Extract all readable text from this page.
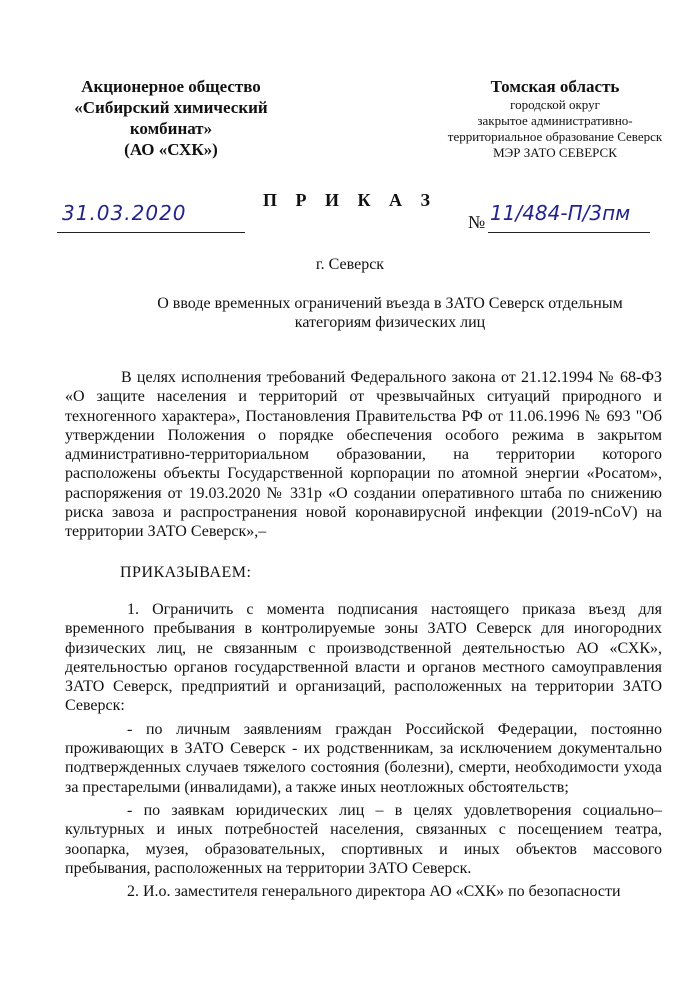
Акционерное общество
«Сибирский химический
комбинат»
(АО «СХК»)
Томская область
городской округ
закрытое административно-
территориальное образование Северск
МЭР ЗАТО СЕВЕРСК
П Р И К А З
31.03.2020	№ 11/484-П/3пм
г. Северск
О вводе временных ограничений въезда в ЗАТО Северск отдельным категориям физических лиц

В целях исполнения требований Федерального закона от 21.12.1994 № 68-ФЗ «О защите населения и территорий от чрезвычайных ситуаций природного и техногенного характера», Постановления Правительства РФ от 11.06.1996 № 693 "Об утверждении Положения о порядке обеспечения особого режима в закрытом административно-территориальном образовании, на территории которого расположены объекты Государственной корпорации по атомной энергии «Росатом», распоряжения от 19.03.2020 № 331р «О создании оперативного штаба по снижению риска завоза и распространения новой коронавирусной инфекции (2019-nCoV) на территории ЗАТО Северск»,–

ПРИКАЗЫВАЕМ:

1. Ограничить с момента подписания настоящего приказа въезд для временного пребывания в контролируемые зоны ЗАТО Северск для иногородних физических лиц, не связанным с производственной деятельностью АО «СХК», деятельностью органов государственной власти и органов местного самоуправления ЗАТО Северск, предприятий и организаций, расположенных на территории ЗАТО Северск:

- по личным заявлениям граждан Российской Федерации, постоянно проживающих в ЗАТО Северск - их родственникам, за исключением документально подтвержденных случаев тяжелого состояния (болезни), смерти, необходимости ухода за престарелыми (инвалидами), а также иных неотложных обстоятельств;

- по заявкам юридических лиц – в целях удовлетворения социально–культурных и иных потребностей населения, связанных с посещением театра, зоопарка, музея, образовательных, спортивных и иных объектов массового пребывания, расположенных на территории ЗАТО Северск.

2. И.о. заместителя генерального директора АО «СХК» по безопасности
